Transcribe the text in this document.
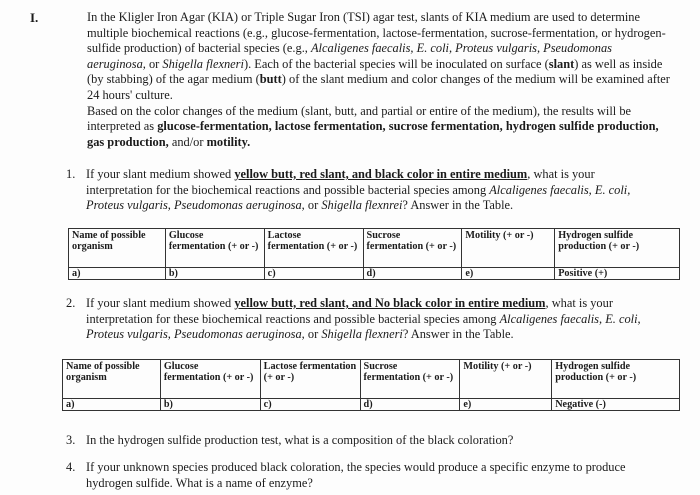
I.	In the Kligler Iron Agar (KIA) or Triple Sugar Iron (TSI) agar test, slants of KIA medium are used to determine multiple biochemical reactions (e.g., glucose-fermentation, lactose-fermentation, sucrose-fermentation, or hydrogen-sulfide production) of bacterial species (e.g., Alcaligenes faecalis, E. coli, Proteus vulgaris, Pseudomonas aeruginosa, or Shigella flexneri). Each of the bacterial species will be inoculated on surface (slant) as well as inside (by stabbing) of the agar medium (butt) of the slant medium and color changes of the medium will be examined after 24 hours' culture.

Based on the color changes of the medium (slant, butt, and partial or entire of the medium), the results will be interpreted as glucose-fermentation, lactose fermentation, sucrose fermentation, hydrogen sulfide production, gas production, and/or motility.

1. If your slant medium showed yellow butt, red slant, and black color in entire medium, what is your interpretation for the biochemical reactions and possible bacterial species among Alcaligenes faecalis, E. coli, Proteus vulgaris, Pseudomonas aeruginosa, or Shigella flexnrei? Answer in the Table.
Name of possible organism	Glucose fermentation (+ or -)	Lactose fermentation (+ or -)	Sucrose fermentation (+ or -)	Motility (+ or -)	Hydrogen sulfide production (+ or -)
a)	b)	c)	d)	e)	Positive (+)
2. If your slant medium showed yellow butt, red slant, and No black color in entire medium, what is your interpretation for these biochemical reactions and possible bacterial species among Alcaligenes faecalis, E. coli, Proteus vulgaris, Pseudomonas aeruginosa, or Shigella flexneri? Answer in the Table.
Name of possible organism	Glucose fermentation (+ or -)	Lactose fermentation (+ or -)	Sucrose fermentation (+ or -)	Motility (+ or -)	Hydrogen sulfide production (+ or -)
a)	b)	c)	d)	e)	Negative (-)
3. In the hydrogen sulfide production test, what is a composition of the black coloration?
4. If your unknown species produced black coloration, the species would produce a specific enzyme to produce hydrogen sulfide. What is a name of enzyme?
